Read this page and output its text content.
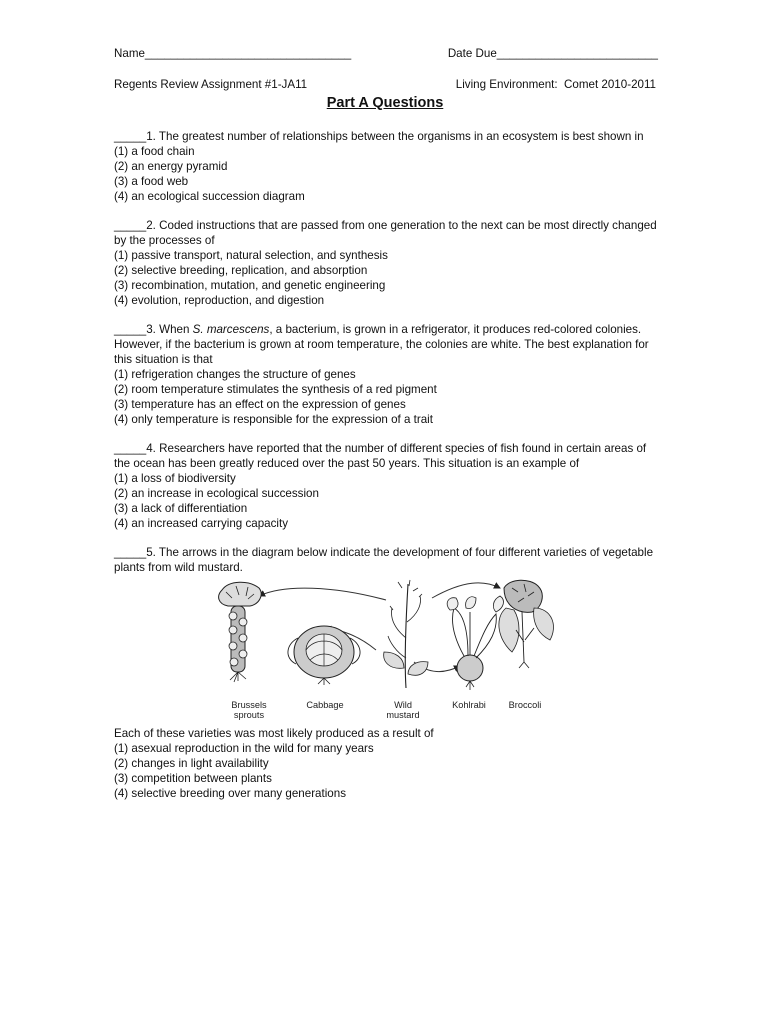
Name________________________________	Date Due_________________________
Regents Review Assignment #1-JA11	Living Environment:  Comet 2010-2011
Part A Questions

_____1. The greatest number of relationships between the organisms in an ecosystem is best shown in

(1) a food chain

(2) an energy pyramid

(3) a food web

(4) an ecological succession diagram

_____2. Coded instructions that are passed from one generation to the next can be most directly changed by the processes of

(1) passive transport, natural selection, and synthesis

(2) selective breeding, replication, and absorption

(3) recombination, mutation, and genetic engineering

(4) evolution, reproduction, and digestion

_____3. When S. marcescens, a bacterium, is grown in a refrigerator, it produces red-colored colonies.

However, if the bacterium is grown at room temperature, the colonies are white. The best explanation for this situation is that

(1) refrigeration changes the structure of genes

(2) room temperature stimulates the synthesis of a red pigment

(3) temperature has an effect on the expression of genes

(4) only temperature is responsible for the expression of a trait

_____4. Researchers have reported that the number of different species of fish found in certain areas of the ocean has been greatly reduced over the past 50 years. This situation is an example of

(1) a loss of biodiversity

(2) an increase in ecological succession

(3) a lack of differentiation

(4) an increased carrying capacity

_____5. The arrows in the diagram below indicate the development of four different varieties of vegetable plants from wild mustard.

Brussels
sprouts
Cabbage	Wild
mustard
Kohlrabi	Broccoli

Each of these varieties was most likely produced as a result of

(1) asexual reproduction in the wild for many years

(2) changes in light availability

(3) competition between plants

(4) selective breeding over many generations
